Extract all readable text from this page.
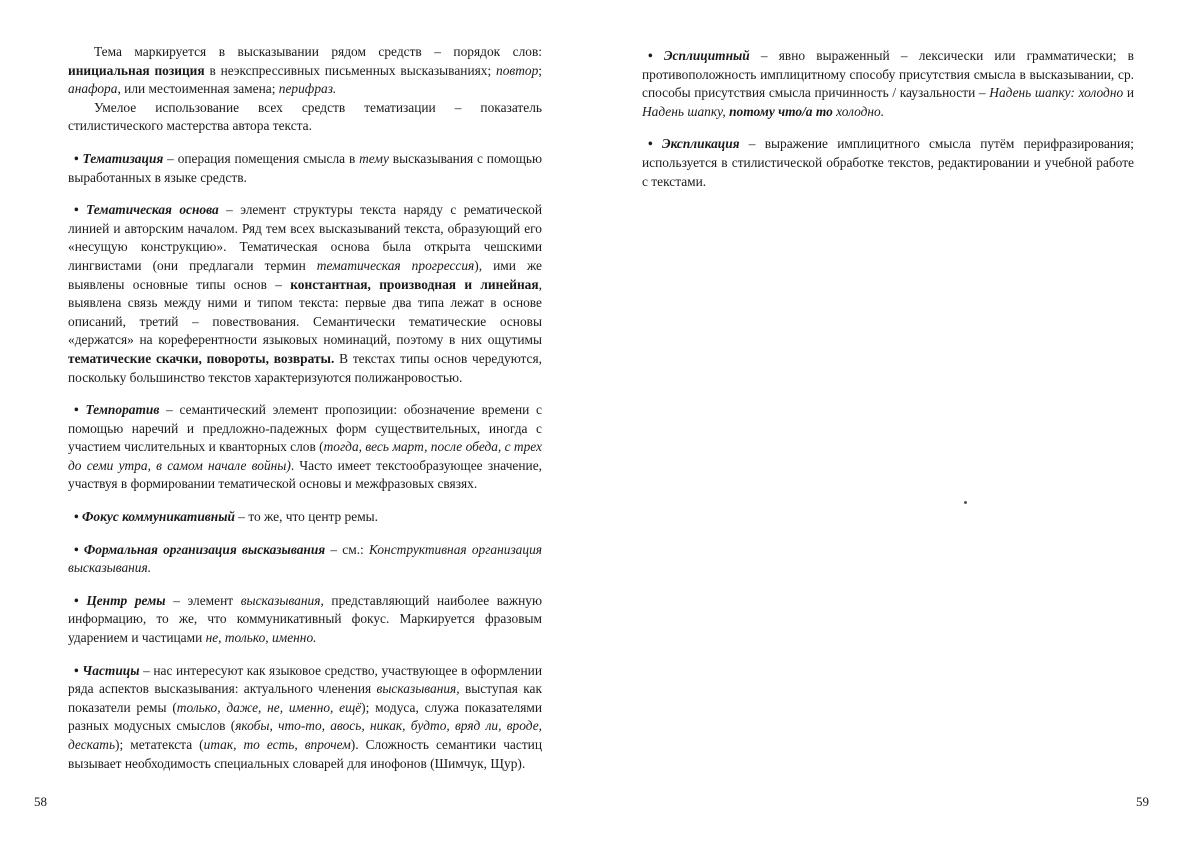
Тема маркируется в высказывании рядом средств – порядок слов: инициальная позиция в неэкспрессивных письменных высказываниях; повтор; анафора, или местоименная замена; перифраз.

Умелое использование всех средств тематизации – показатель стилистического мастерства автора текста.

• Тематизация – операция помещения смысла в тему высказывания с помощью выработанных в языке средств.

• Тематическая основа – элемент структуры текста наряду с рематической линией и авторским началом. Ряд тем всех высказываний текста, образующий его «несущую конструкцию». Тематическая основа была открыта чешскими лингвистами (они предлагали термин тематическая прогрессия), ими же выявлены основные типы основ – константная, производная и линейная, выявлена связь между ними и типом текста: первые два типа лежат в основе описаний, третий – повествования. Семантически тематические основы «держатся» на кореферентности языковых номинаций, поэтому в них ощутимы тематические скачки, повороты, возвраты. В текстах типы основ чередуются, поскольку большинство текстов характеризуются полижанровостью.

• Темпоратив – семантический элемент пропозиции: обозначение времени с помощью наречий и предложно-падежных форм существительных, иногда с участием числительных и кванторных слов (тогда, весь март, после обеда, с трех до семи утра, в самом начале войны). Часто имеет текстообразующее значение, участвуя в формировании тематической основы и межфразовых связях.

• Фокус коммуникативный – то же, что центр ремы.

• Формальная организация высказывания – см.: Конструктивная организация высказывания.

• Центр ремы – элемент высказывания, представляющий наиболее важную информацию, то же, что коммуникативный фокус. Маркируется фразовым ударением и частицами не, только, именно.

• Частицы – нас интересуют как языковое средство, участвующее в оформлении ряда аспектов высказывания: актуального членения высказывания, выступая как показатели ремы (только, даже, не, именно, ещё); модуса, служа показателями разных модусных смыслов (якобы, что-то, авось, никак, будто, вряд ли, вроде, дескать); метатекста (итак, то есть, впрочем). Сложность семантики частиц вызывает необходимость специальных словарей для инофонов (Шимчук, Щур).

58

• Эсплицитный – явно выраженный – лексически или грамматически; в противоположность имплицитному способу присутствия смысла в высказывании, ср. способы присутствия смысла причинность / каузальности – Надень шапку: холодно и Надень шапку, потому что/а то холодно.

• Экспликация – выражение имплицитного смысла путём перифразирования; используется в стилистической обработке текстов, редактировании и учебной работе с текстами.

59
